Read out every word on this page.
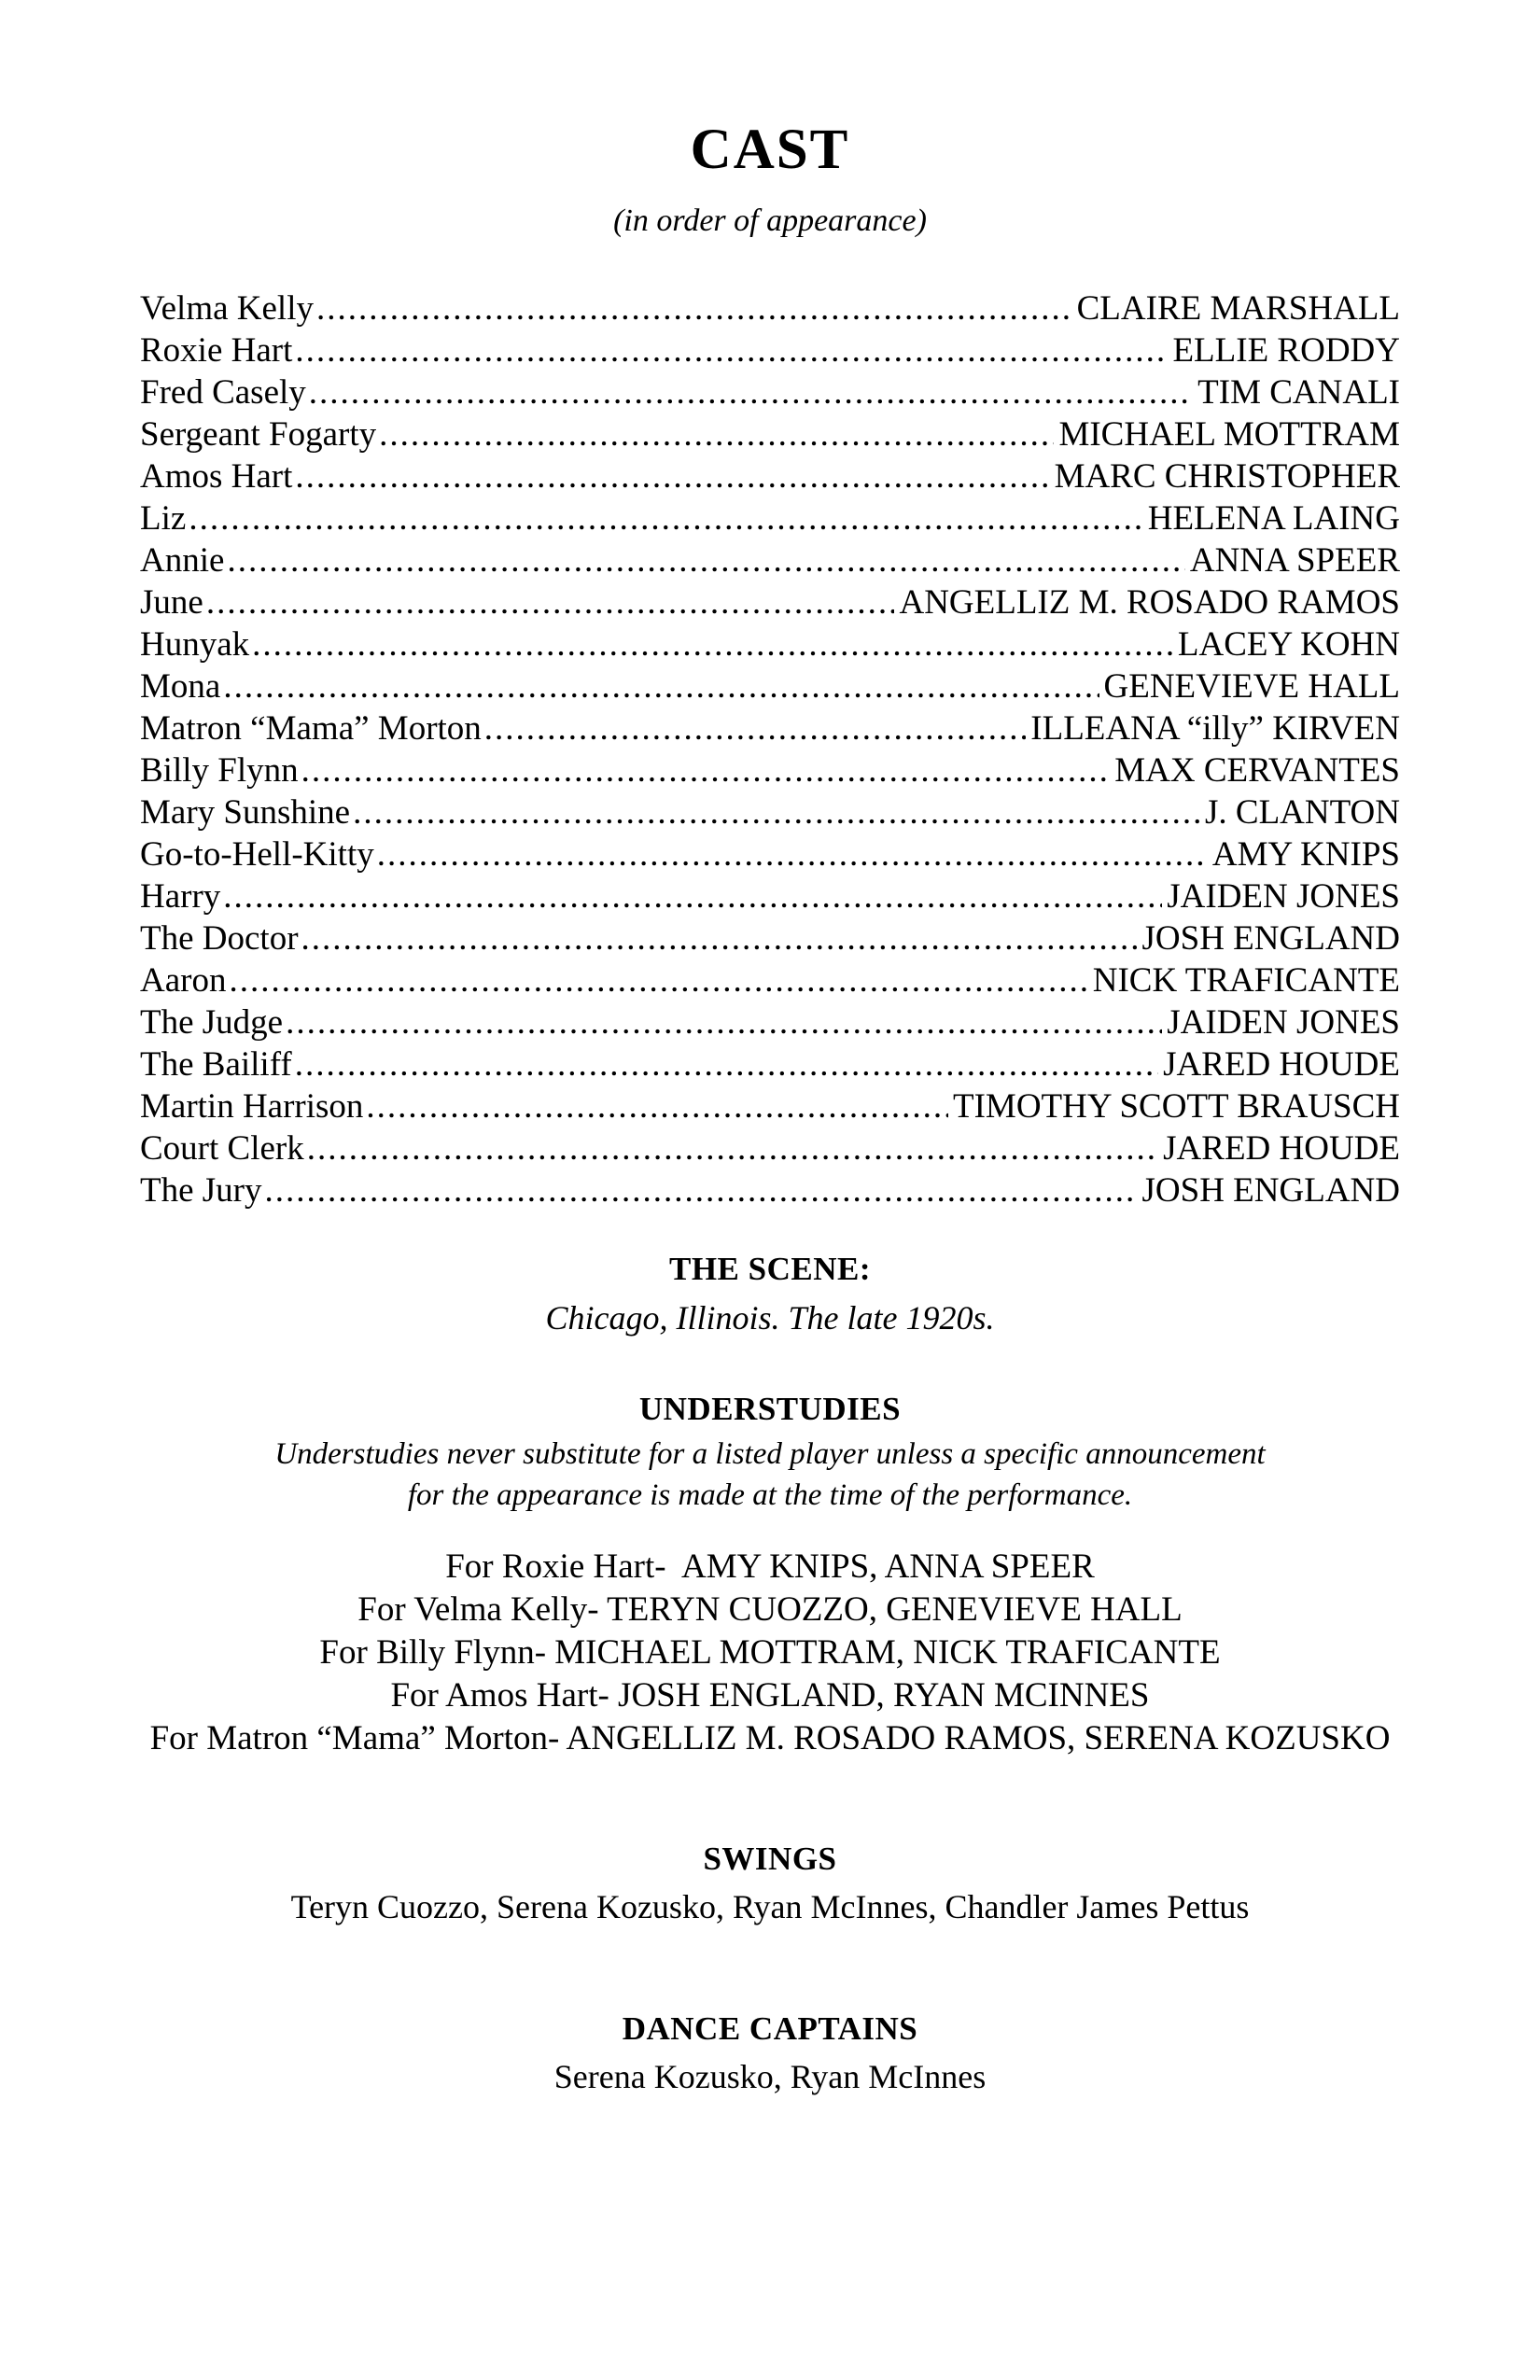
CAST
(in order of appearance)
Velma Kelly .....	CLAIRE MARSHALL
Roxie Hart .....	ELLIE RODDY
Fred Casely .....	TIM CANALI
Sergeant Fogarty .....	MICHAEL MOTTRAM
Amos Hart .....	MARC CHRISTOPHER
Liz .....	HELENA LAING
Annie .....	ANNA SPEER
June .....	ANGELLIZ M. ROSADO RAMOS
Hunyak .....	LACEY KOHN
Mona .....	GENEVIEVE HALL
Matron “Mama” Morton .....	ILLEANA “illy” KIRVEN
Billy Flynn .....	MAX CERVANTES
Mary Sunshine .....	J. CLANTON
Go-to-Hell-Kitty .....	AMY KNIPS
Harry .....	JAIDEN JONES
The Doctor .....	JOSH ENGLAND
Aaron .....	NICK TRAFICANTE
The Judge .....	JAIDEN JONES
The Bailiff .....	JARED HOUDE
Martin Harrison .....	TIMOTHY SCOTT BRAUSCH
Court Clerk .....	JARED HOUDE
The Jury .....	JOSH ENGLAND
THE SCENE:
Chicago, Illinois. The late 1920s.
UNDERSTUDIES
Understudies never substitute for a listed player unless a specific announcement
for the appearance is made at the time of the performance.
For Roxie Hart-  AMY KNIPS, ANNA SPEER
For Velma Kelly- TERYN CUOZZO, GENEVIEVE HALL
For Billy Flynn- MICHAEL MOTTRAM, NICK TRAFICANTE
For Amos Hart- JOSH ENGLAND, RYAN MCINNES
For Matron “Mama” Morton- ANGELLIZ M. ROSADO RAMOS, SERENA KOZUSKO
SWINGS
Teryn Cuozzo, Serena Kozusko, Ryan McInnes, Chandler James Pettus
DANCE CAPTAINS
Serena Kozusko, Ryan McInnes
